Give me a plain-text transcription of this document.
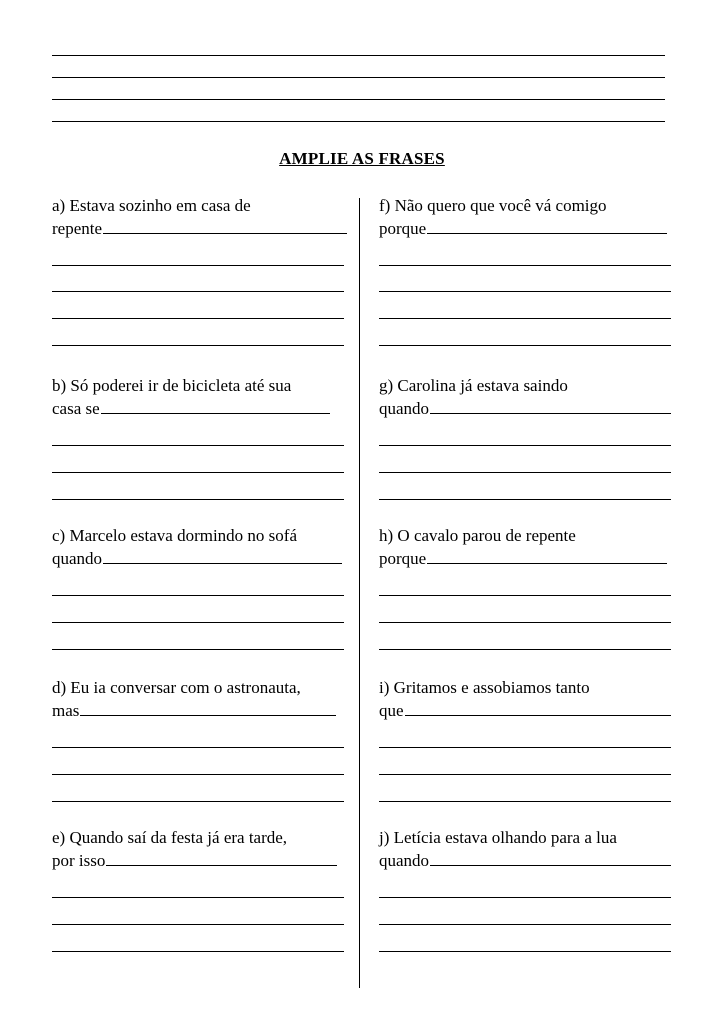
AMPLIE AS FRASES
a) Estava sozinho em casa de
repente
b) Só poderei ir de bicicleta até sua
casa se
c) Marcelo estava dormindo no sofá
quando
d) Eu ia conversar com o astronauta,
mas
e) Quando saí da festa já era tarde,
por isso
f) Não quero que você vá comigo
porque
g) Carolina já estava saindo
quando
h) O cavalo parou de repente
porque
i) Gritamos e assobiamos tanto
que
j) Letícia estava olhando para a lua
quando
